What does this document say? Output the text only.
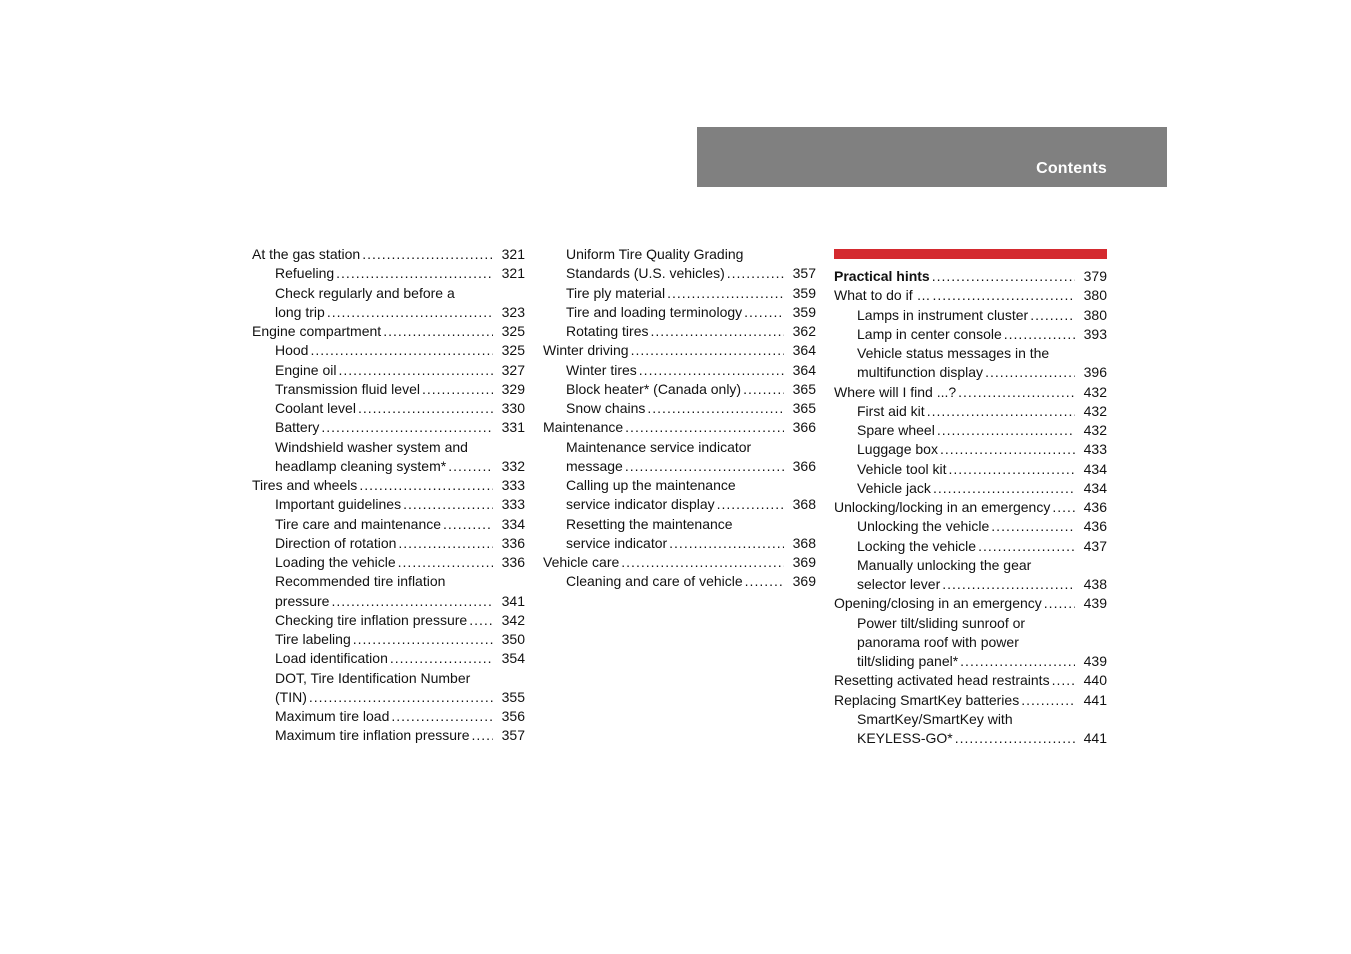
Contents
At the gas station .....	321
Refueling .....	321
Check regularly and before a
long trip .....	323
Engine compartment .....	325
Hood .....	325
Engine oil .....	327
Transmission fluid level .....	329
Coolant level .....	330
Battery .....	331
Windshield washer system and
headlamp cleaning system* .....	332
Tires and wheels .....	333
Important guidelines .....	333
Tire care and maintenance .....	334
Direction of rotation .....	336
Loading the vehicle .....	336
Recommended tire inflation
pressure .....	341
Checking tire inflation pressure ..... 342
Tire labeling .....	350
Load identification .....	354
DOT, Tire Identification Number
(TIN) .....	355
Maximum tire load .....	356
Maximum tire inflation pressure ..... 357
Uniform Tire Quality Grading
Standards (U.S. vehicles) .....	357
Tire ply material .....	359
Tire and loading terminology .....	359
Rotating tires .....	362
Winter driving .....	364
Winter tires .....	364
Block heater* (Canada only) .....	365
Snow chains .....	365
Maintenance .....	366
Maintenance service indicator
message .....	366
Calling up the maintenance
service indicator display .....	368
Resetting the maintenance
service indicator .....	368
Vehicle care .....	369
Cleaning and care of vehicle .....	369
Practical hints .....	379
What to do if … .....	380
Lamps in instrument cluster .....	380
Lamp in center console .....	393
Vehicle status messages in the
multifunction display .....	396
Where will I find ...? .....	432
First aid kit .....	432
Spare wheel .....	432
Luggage box .....	433
Vehicle tool kit .....	434
Vehicle jack .....	434
Unlocking/locking in an emergency ..... 436
Unlocking the vehicle .....	436
Locking the vehicle .....	437
Manually unlocking the gear
selector lever .....	438
Opening/closing in an emergency .....	439
Power tilt/sliding sunroof or
panorama roof with power
tilt/sliding panel* .....	439
Resetting activated head restraints ..... 440
Replacing SmartKey batteries .....	441
SmartKey/SmartKey with
KEYLESS-GO* .....	441
